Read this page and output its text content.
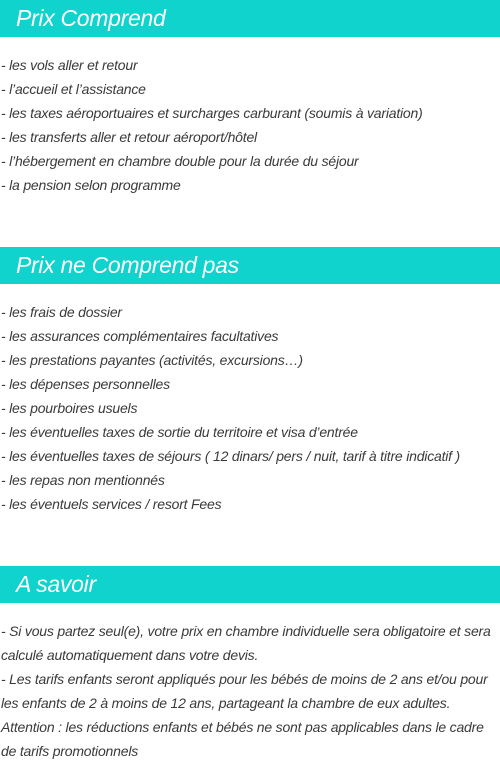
Prix Comprend
- les vols aller et retour
- l’accueil et l’assistance
- les taxes aéroportuaires et surcharges carburant (soumis à variation)
- les transferts aller et retour aéroport/hôtel
- l’hébergement en chambre double pour la durée du séjour
- la pension selon programme
Prix ne Comprend pas
- les frais de dossier
- les assurances complémentaires facultatives
- les prestations payantes (activités, excursions…)
- les dépenses personnelles
- les pourboires usuels
- les éventuelles taxes de sortie du territoire et visa d’entrée
- les éventuelles taxes de séjours ( 12 dinars/ pers / nuit, tarif à titre indicatif )
- les repas non mentionnés
- les éventuels services / resort Fees
A savoir

- Si vous partez seul(e), votre prix en chambre individuelle sera obligatoire et sera calculé automatiquement dans votre devis.

- Les tarifs enfants seront appliqués pour les bébés de moins de 2 ans et/ou pour les enfants de 2 à moins de 12 ans, partageant la chambre de eux adultes.

Attention : les réductions enfants et bébés ne sont pas applicables dans le cadre de tarifs promotionnels
